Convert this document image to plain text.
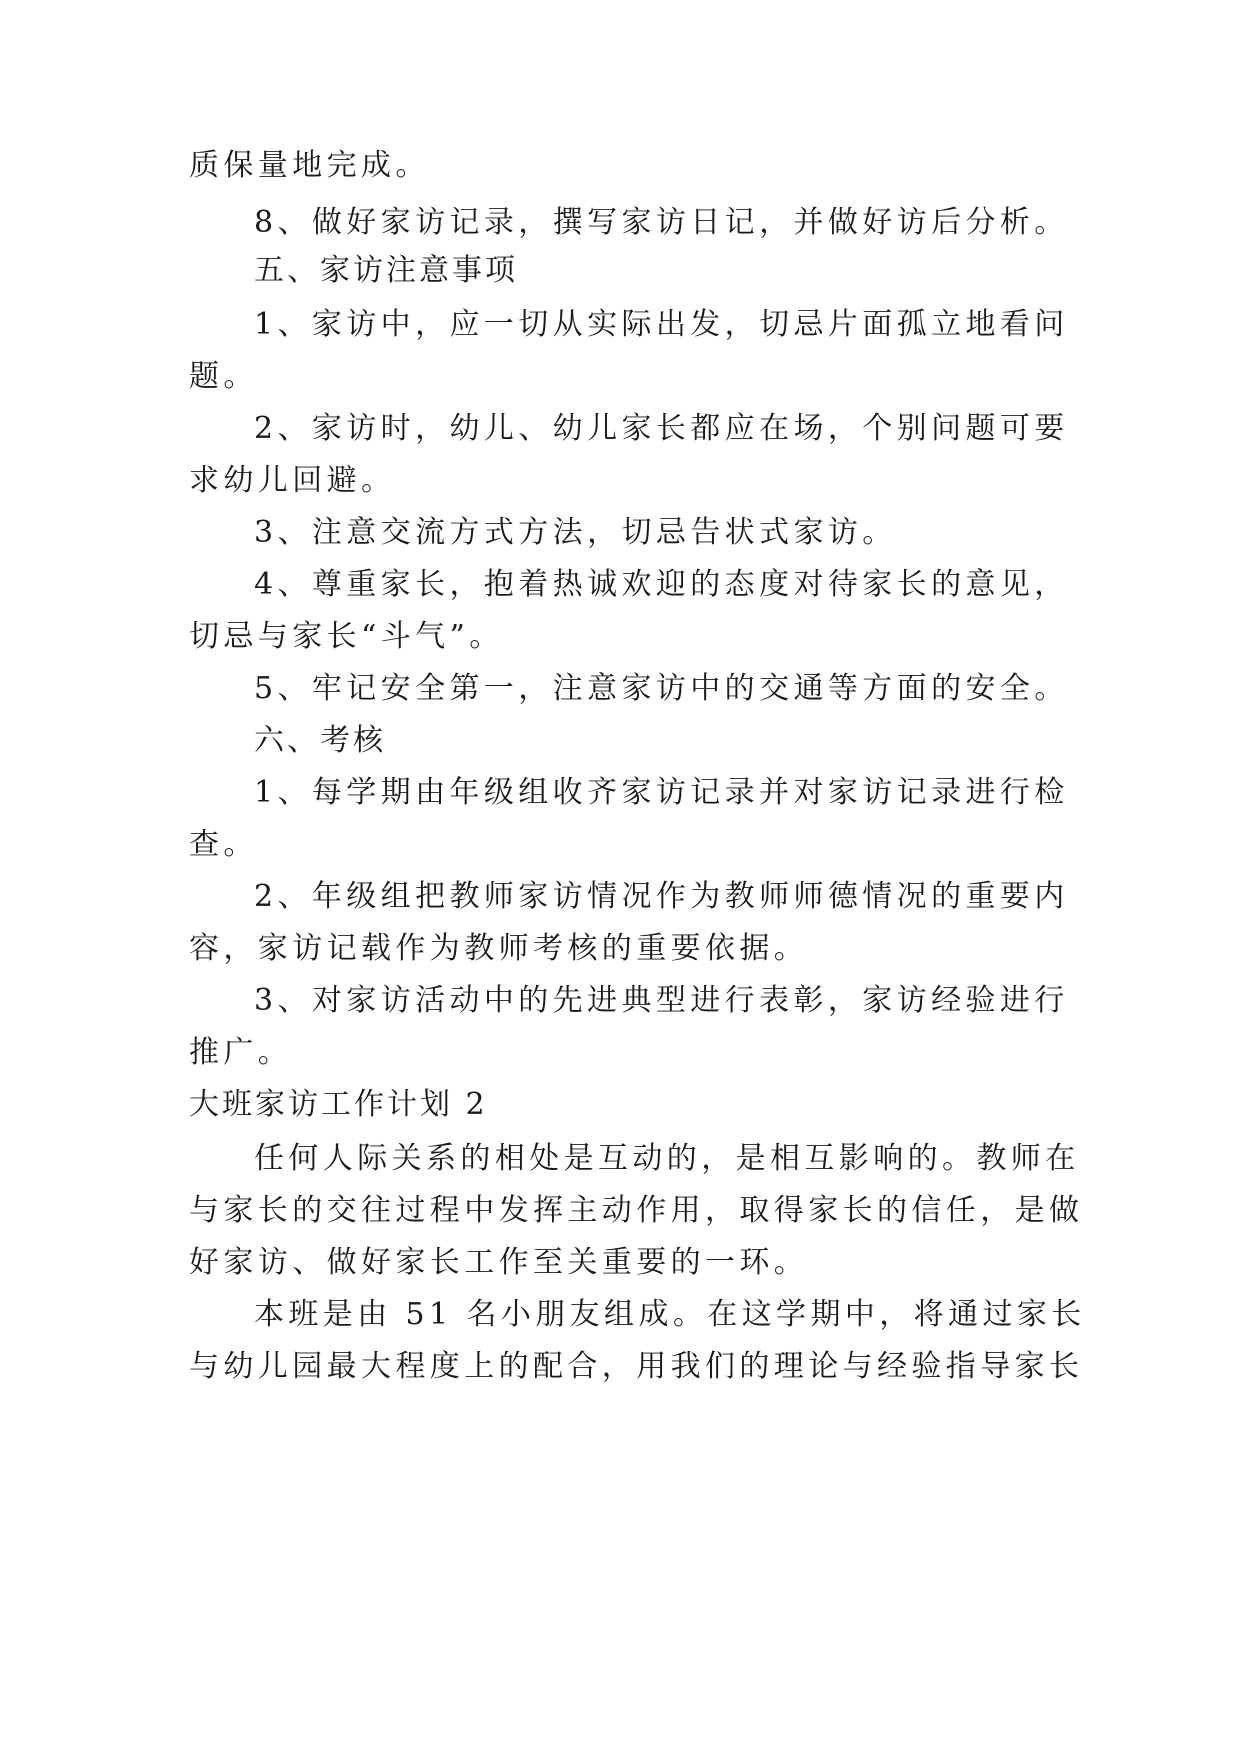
质保量地完成。
8、做好家访记录，撰写家访日记，并做好访后分析。
五、家访注意事项
1、家访中，应一切从实际出发，切忌片面孤立地看问
题。
2、家访时，幼儿、幼儿家长都应在场，个别问题可要
求幼儿回避。
3、注意交流方式方法，切忌告状式家访。
4、尊重家长，抱着热诚欢迎的态度对待家长的意见，
切忌与家长“斗气”。
5、牢记安全第一，注意家访中的交通等方面的安全。
六、考核
1、每学期由年级组收齐家访记录并对家访记录进行检
查。
2、年级组把教师家访情况作为教师师德情况的重要内
容，家访记载作为教师考核的重要依据。
3、对家访活动中的先进典型进行表彰，家访经验进行
推广。
大班家访工作计划 2
任何人际关系的相处是互动的，是相互影响的。教师在
与家长的交往过程中发挥主动作用，取得家长的信任，是做
好家访、做好家长工作至关重要的一环。
本班是由 51 名小朋友组成。在这学期中，将通过家长
与幼儿园最大程度上的配合，用我们的理论与经验指导家长
